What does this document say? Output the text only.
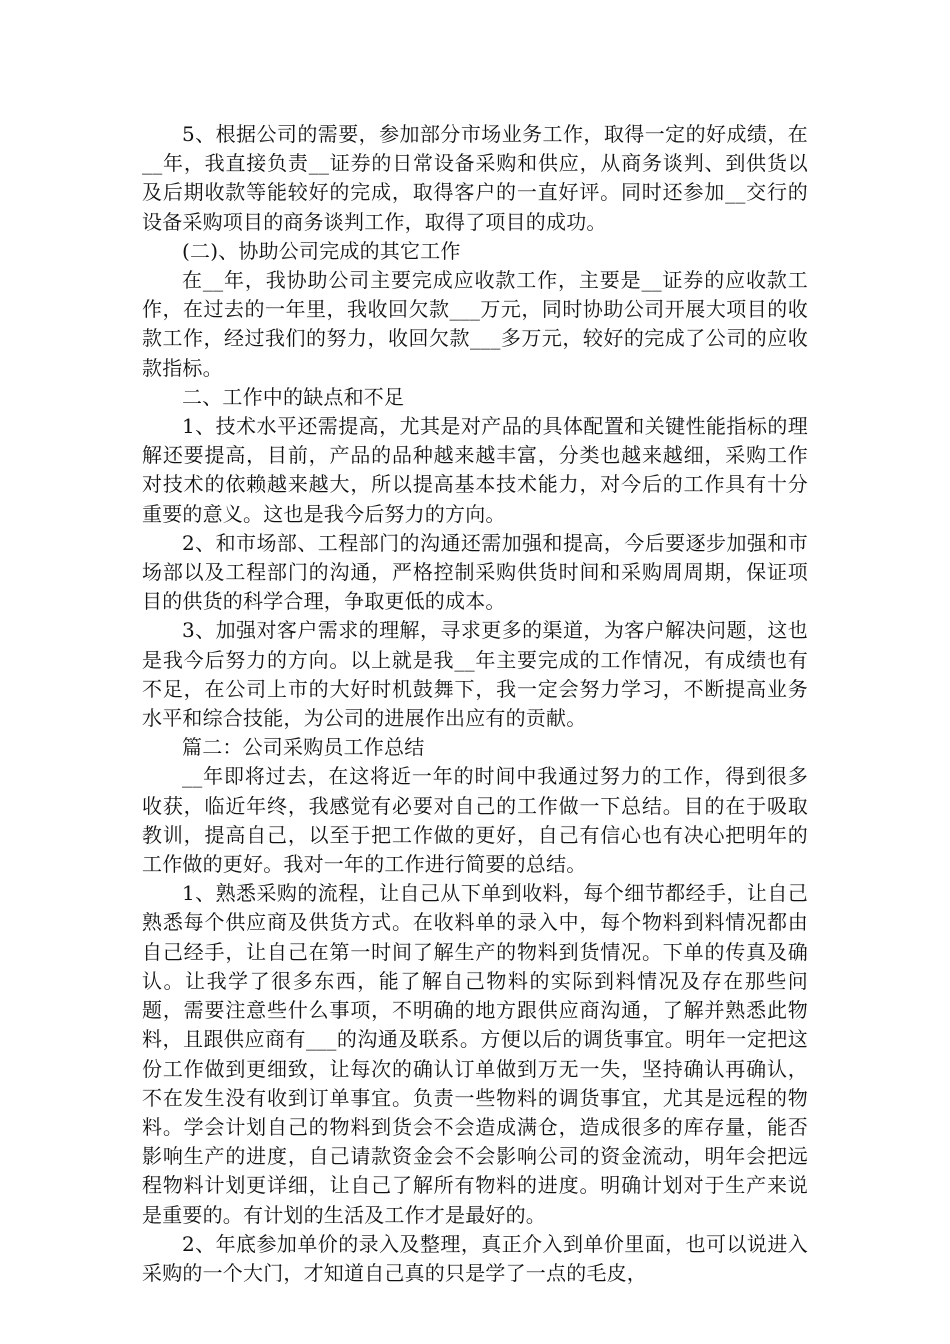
5、根据公司的需要，参加部分市场业务工作，取得一定的好成绩，在__年，我直接负责__证券的日常设备采购和供应，从商务谈判、到供货以及后期收款等能较好的完成，取得客户的一直好评。同时还参加__交行的设备采购项目的商务谈判工作，取得了项目的成功。

(二)、协助公司完成的其它工作

在__年，我协助公司主要完成应收款工作，主要是__证券的应收款工作，在过去的一年里，我收回欠款___万元，同时协助公司开展大项目的收款工作，经过我们的努力，收回欠款___多万元，较好的完成了公司的应收款指标。

二、工作中的缺点和不足

1、技术水平还需提高，尤其是对产品的具体配置和关键性能指标的理解还要提高，目前，产品的品种越来越丰富，分类也越来越细，采购工作对技术的依赖越来越大，所以提高基本技术能力，对今后的工作具有十分重要的意义。这也是我今后努力的方向。

2、和市场部、工程部门的沟通还需加强和提高，今后要逐步加强和市场部以及工程部门的沟通，严格控制采购供货时间和采购周周期，保证项目的供货的科学合理，争取更低的成本。

3、加强对客户需求的理解，寻求更多的渠道，为客户解决问题，这也是我今后努力的方向。以上就是我__年主要完成的工作情况，有成绩也有不足，在公司上市的大好时机鼓舞下，我一定会努力学习，不断提高业务水平和综合技能，为公司的进展作出应有的贡献。

篇二：公司采购员工作总结

__年即将过去，在这将近一年的时间中我通过努力的工作，得到很多收获，临近年终，我感觉有必要对自己的工作做一下总结。目的在于吸取教训，提高自己，以至于把工作做的更好，自己有信心也有决心把明年的工作做的更好。我对一年的工作进行简要的总结。

1、熟悉采购的流程，让自己从下单到收料，每个细节都经手，让自己熟悉每个供应商及供货方式。在收料单的录入中，每个物料到料情况都由自己经手，让自己在第一时间了解生产的物料到货情况。下单的传真及确认。让我学了很多东西，能了解自己物料的实际到料情况及存在那些问题，需要注意些什么事项，不明确的地方跟供应商沟通，了解并熟悉此物料，且跟供应商有___的沟通及联系。方便以后的调货事宜。明年一定把这份工作做到更细致，让每次的确认订单做到万无一失，坚持确认再确认，不在发生没有收到订单事宜。负责一些物料的调货事宜，尤其是远程的物料。学会计划自己的物料到货会不会造成满仓，造成很多的库存量，能否影响生产的进度，自己请款资金会不会影响公司的资金流动，明年会把远程物料计划更详细，让自己了解所有物料的进度。明确计划对于生产来说是重要的。有计划的生活及工作才是最好的。

2、年底参加单价的录入及整理，真正介入到单价里面，也可以说进入采购的一个大门，才知道自己真的只是学了一点的毛皮，
